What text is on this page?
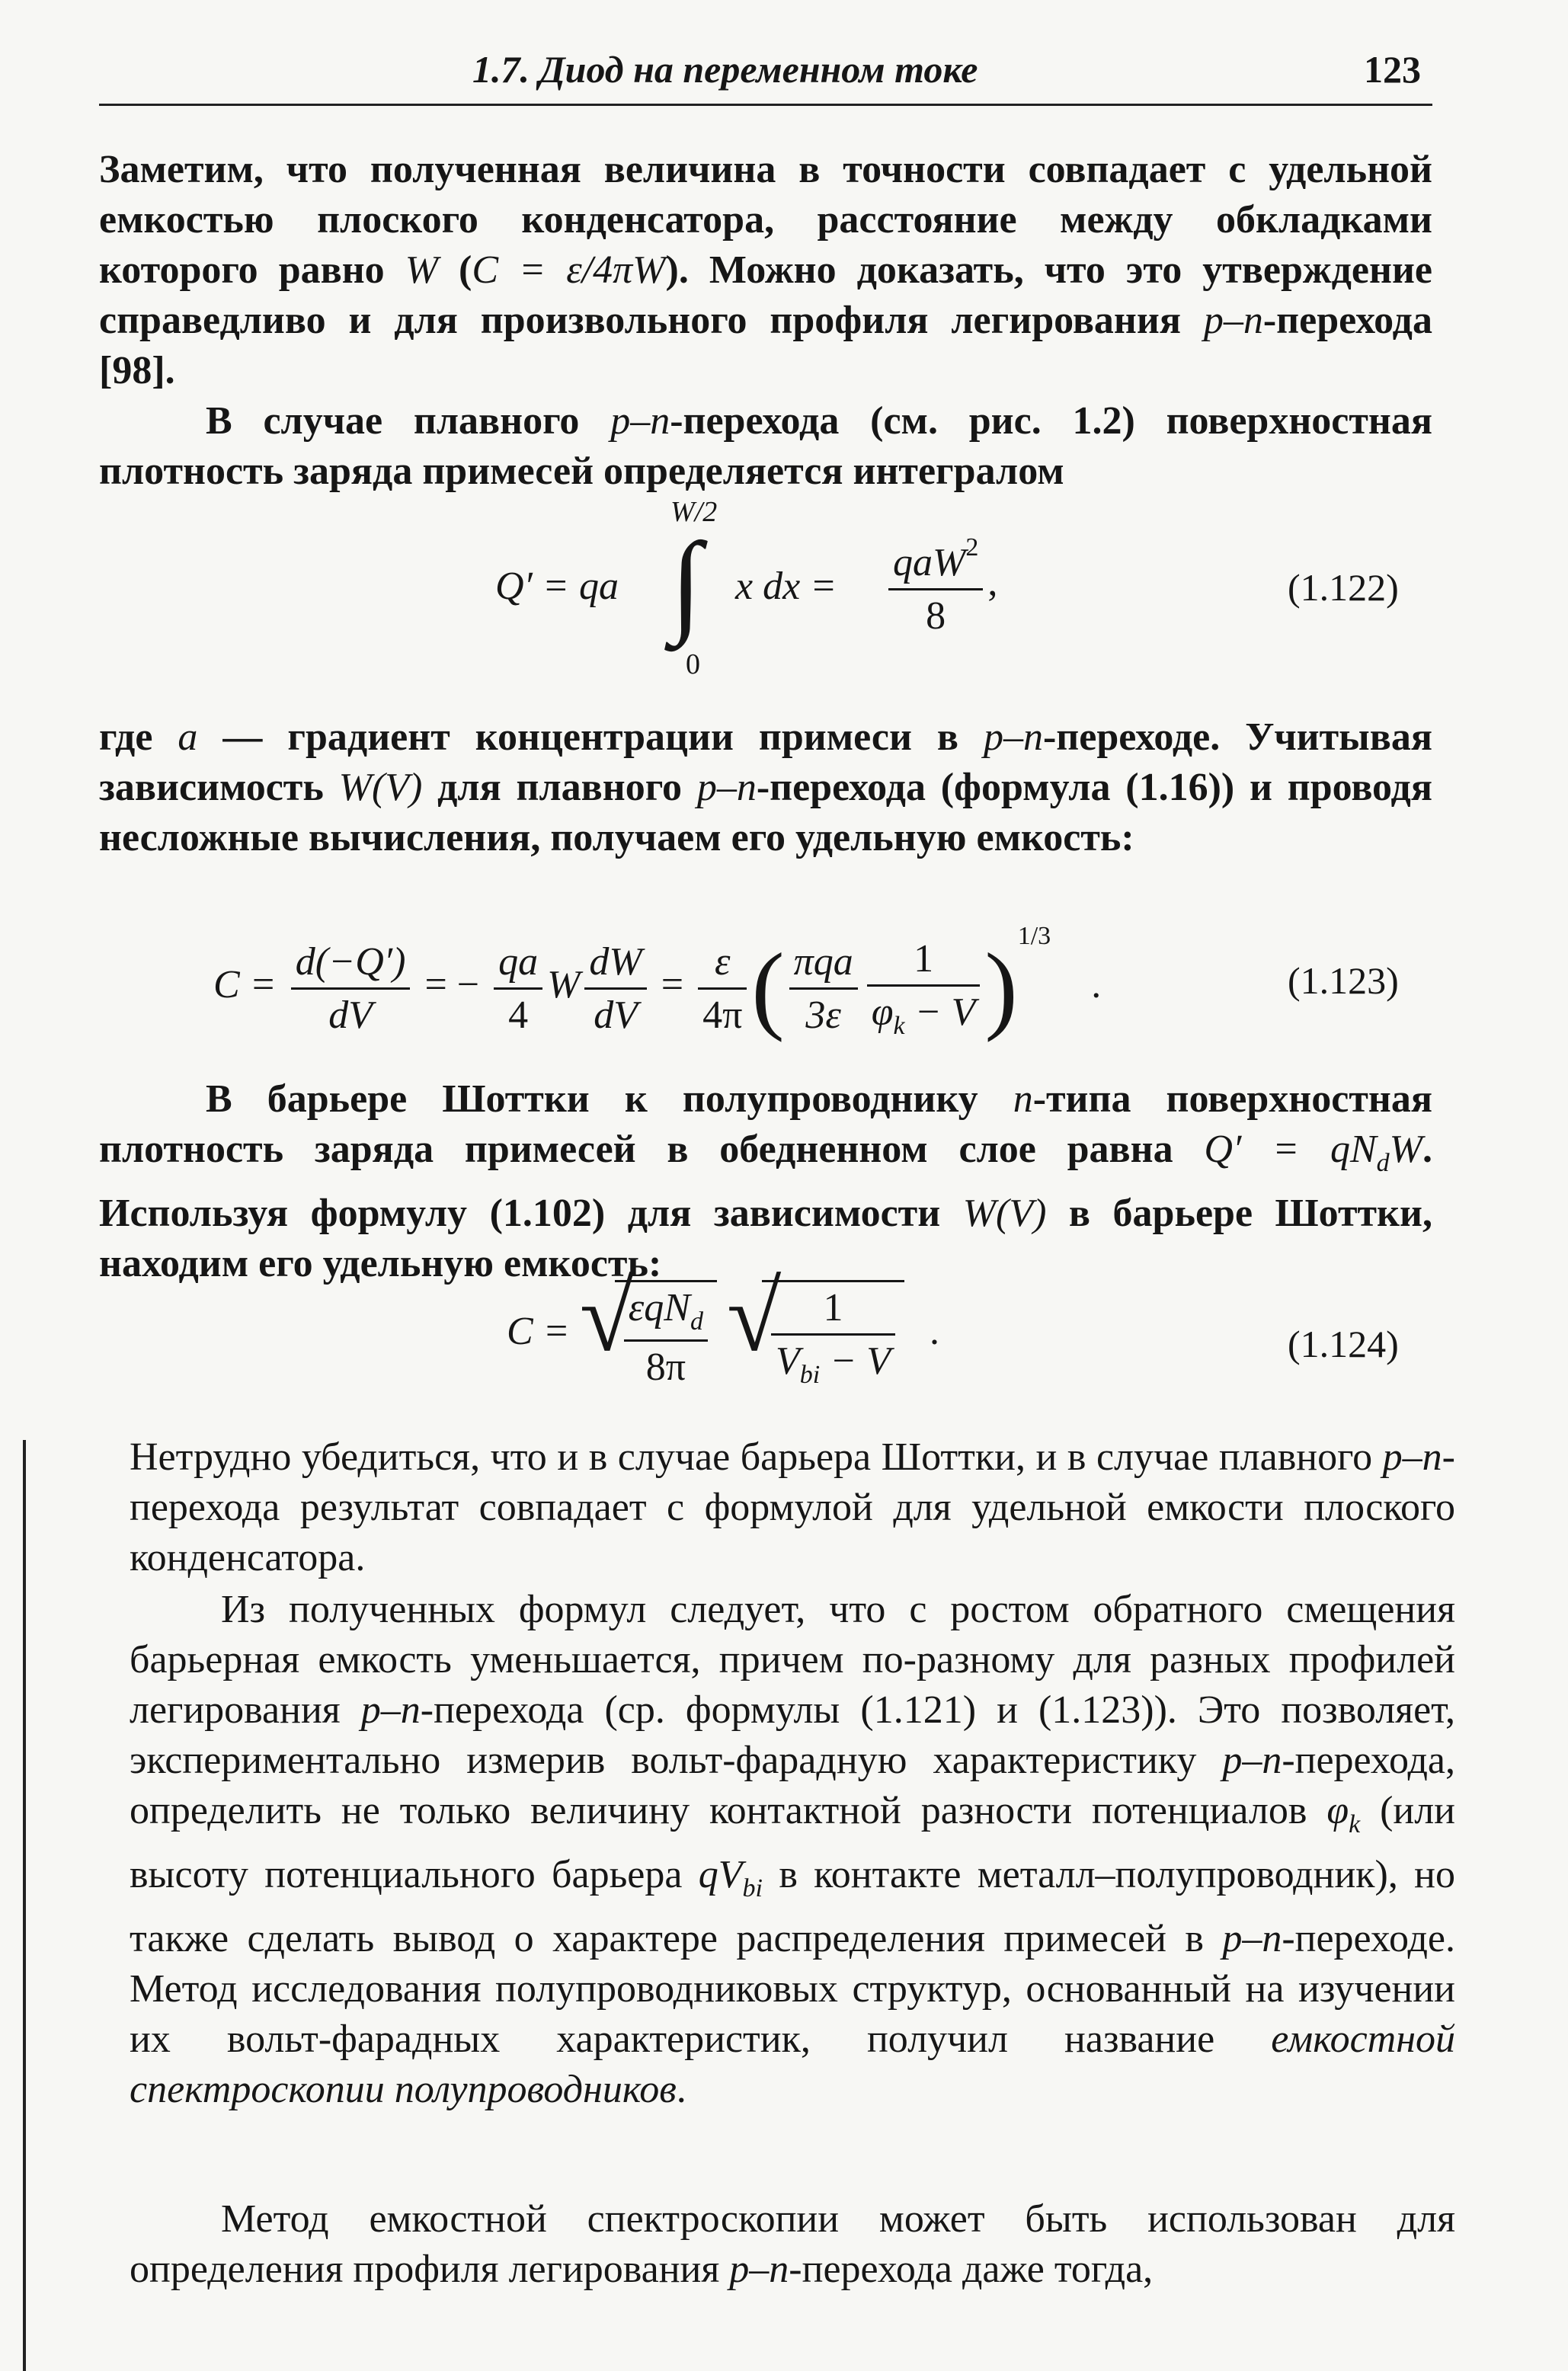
1.7. Диод на переменном токе	123

Заметим, что полученная величина в точности совпадает с удельной емкостью плоского конденсатора, расстояние между обкладками которого равно W (C = ε/4πW). Можно доказать, что это утверждение справедливо и для произвольного профиля легирования p–n-перехода [98].

В случае плавного p–n-перехода (см. рис. 1.2) поверхностная плотность заряда примесей определяется интегралом

Q′ = qa
W/2
∫
0
x dx = $\frac{qaW^2}{8}$ ,	(1.122)

где a — градиент концентрации примеси в p–n-переходе. Учитывая зависимость W(V) для плавного p–n-перехода (формула (1.16)) и проводя несложные вычисления, получаем его удельную емкость:

$C = \frac{d(-Q')}{dV}$ = − $\frac{qa}{4}$ W $\frac{dW}{dV} = \frac{\varepsilon}{4\pi}$ ( $\frac{\text{πqa}}{3\varepsilon} \frac{1}{\varphi_k - V} )^{1/3}$ .	(1.123)

В барьере Шоттки к полупроводнику n-типа поверхностная плотность заряда примесей в обедненном слое равна $Q' = qN_dW$. Используя формулу (1.102) для зависимости W(V) в барьере Шоттки, находим его удельную емкость:

C = √
$\frac{\varepsilon qN_d}{8\pi}$
√
$\frac{1}{V_{bi} - V}$ .	(1.124)

Нетрудно убедиться, что и в случае барьера Шоттки, и в случае плавного p–n-перехода результат совпадает с формулой для удельной емкости плоского конденсатора.

Из полученных формул следует, что с ростом обратного смещения барьерная емкость уменьшается, причем по-разному для разных профилей легирования p–n-перехода (ср. формулы (1.121) и (1.123)). Это позволяет, экспериментально измерив вольт-фарадную характеристику p–n-перехода, определить не только величину контактной разности потенциалов $\varphi_k$ (или высоту потенциального барьера $qV_{bi}$ в контакте металл–полупроводник), но также сделать вывод о характере распределения примесей в p–n-переходе. Метод исследования полупроводниковых структур, основанный на изучении их вольт-фарадных характеристик, получил название емкостной спектроскопии полупроводников.

Метод емкостной спектроскопии может быть использован для определения профиля легирования p–n-перехода даже тогда,
